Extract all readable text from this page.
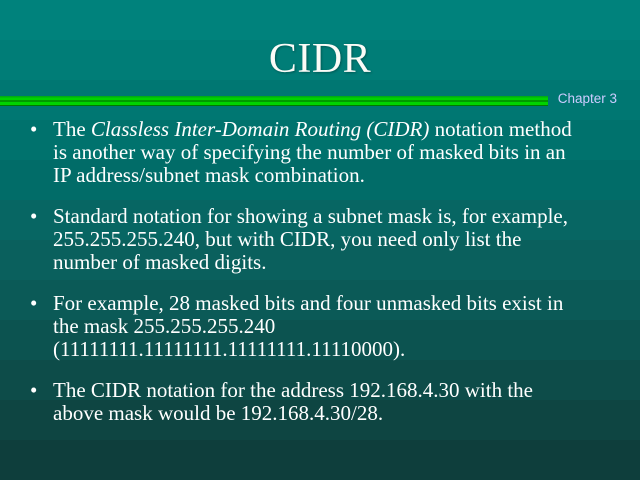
CIDR
Chapter 3
• The Classless Inter-Domain Routing (CIDR) notation method is another way of specifying the number of masked bits in an IP address/subnet mask combination.
• Standard notation for showing a subnet mask is, for example, 255.255.255.240, but with CIDR, you need only list the number of masked digits.
• For example, 28 masked bits and four unmasked bits exist in the mask 255.255.255.240
(11111111.11111111.11111111.11110000).
• The CIDR notation for the address 192.168.4.30 with the above mask would be 192.168.4.30/28.
